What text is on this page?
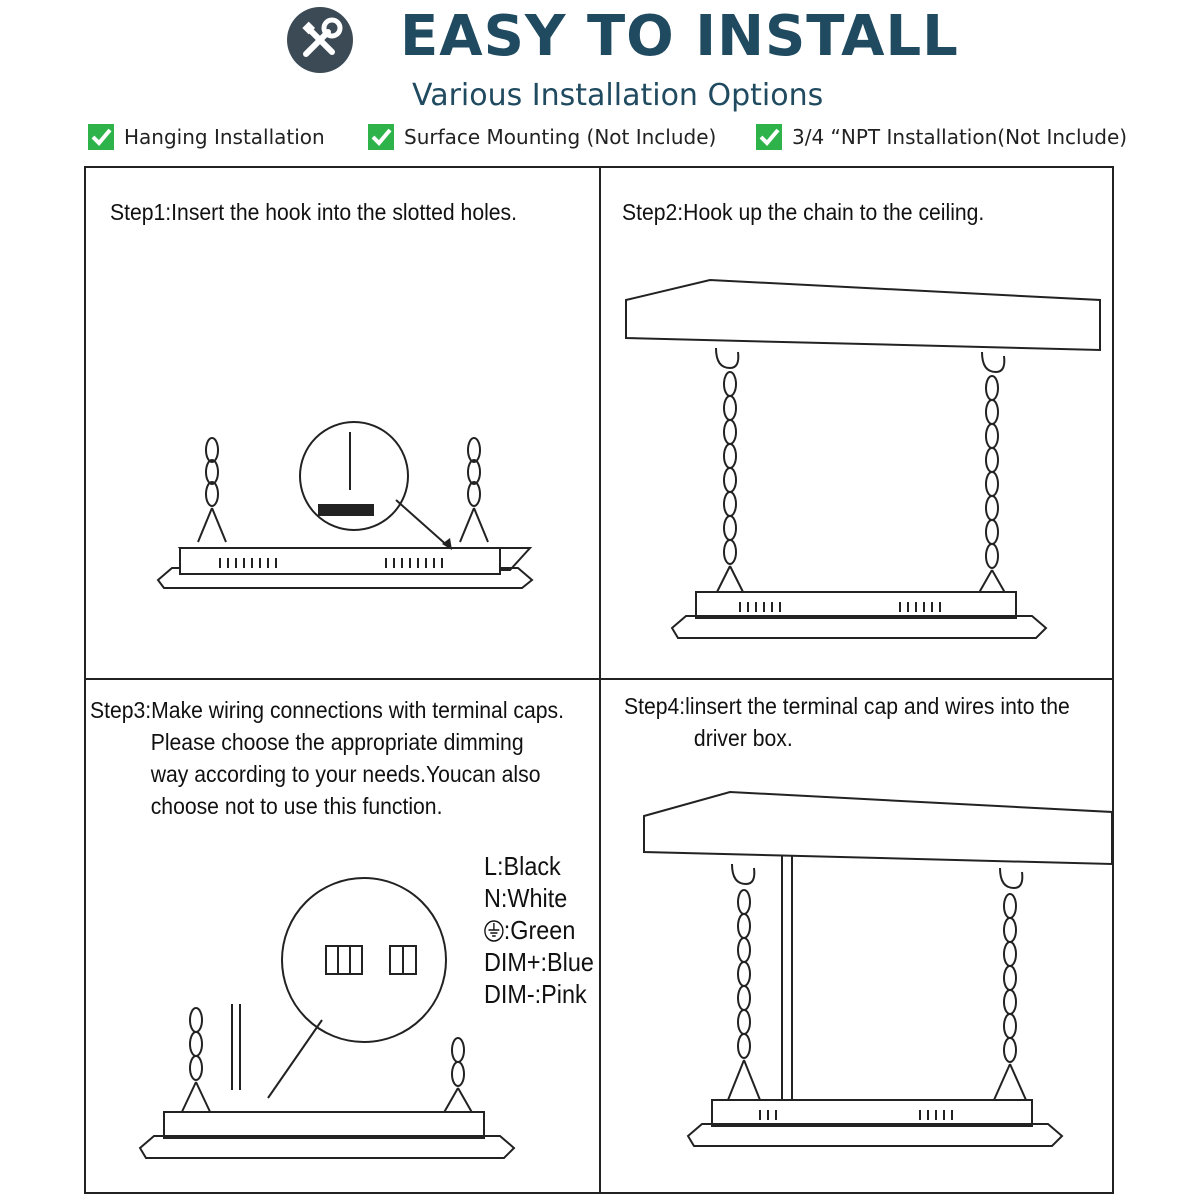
EASY TO INSTALL
Various Installation Options
Hanging Installation	Surface Mounting (Not Include)	3/4 “NPT Installation(Not Include)
Step1:Insert the hook into the slotted holes.	Step2:Hook up the chain to the ceiling.
Step3:Make wiring connections with terminal caps.
Please choose the appropriate dimming
way according to your needs.Youcan also
choose not to use this function.
Step4:linsert the terminal cap and wires into the
driver box.
L:Black
N:White
:Green
DIM+:Blue
DIM-:Pink
